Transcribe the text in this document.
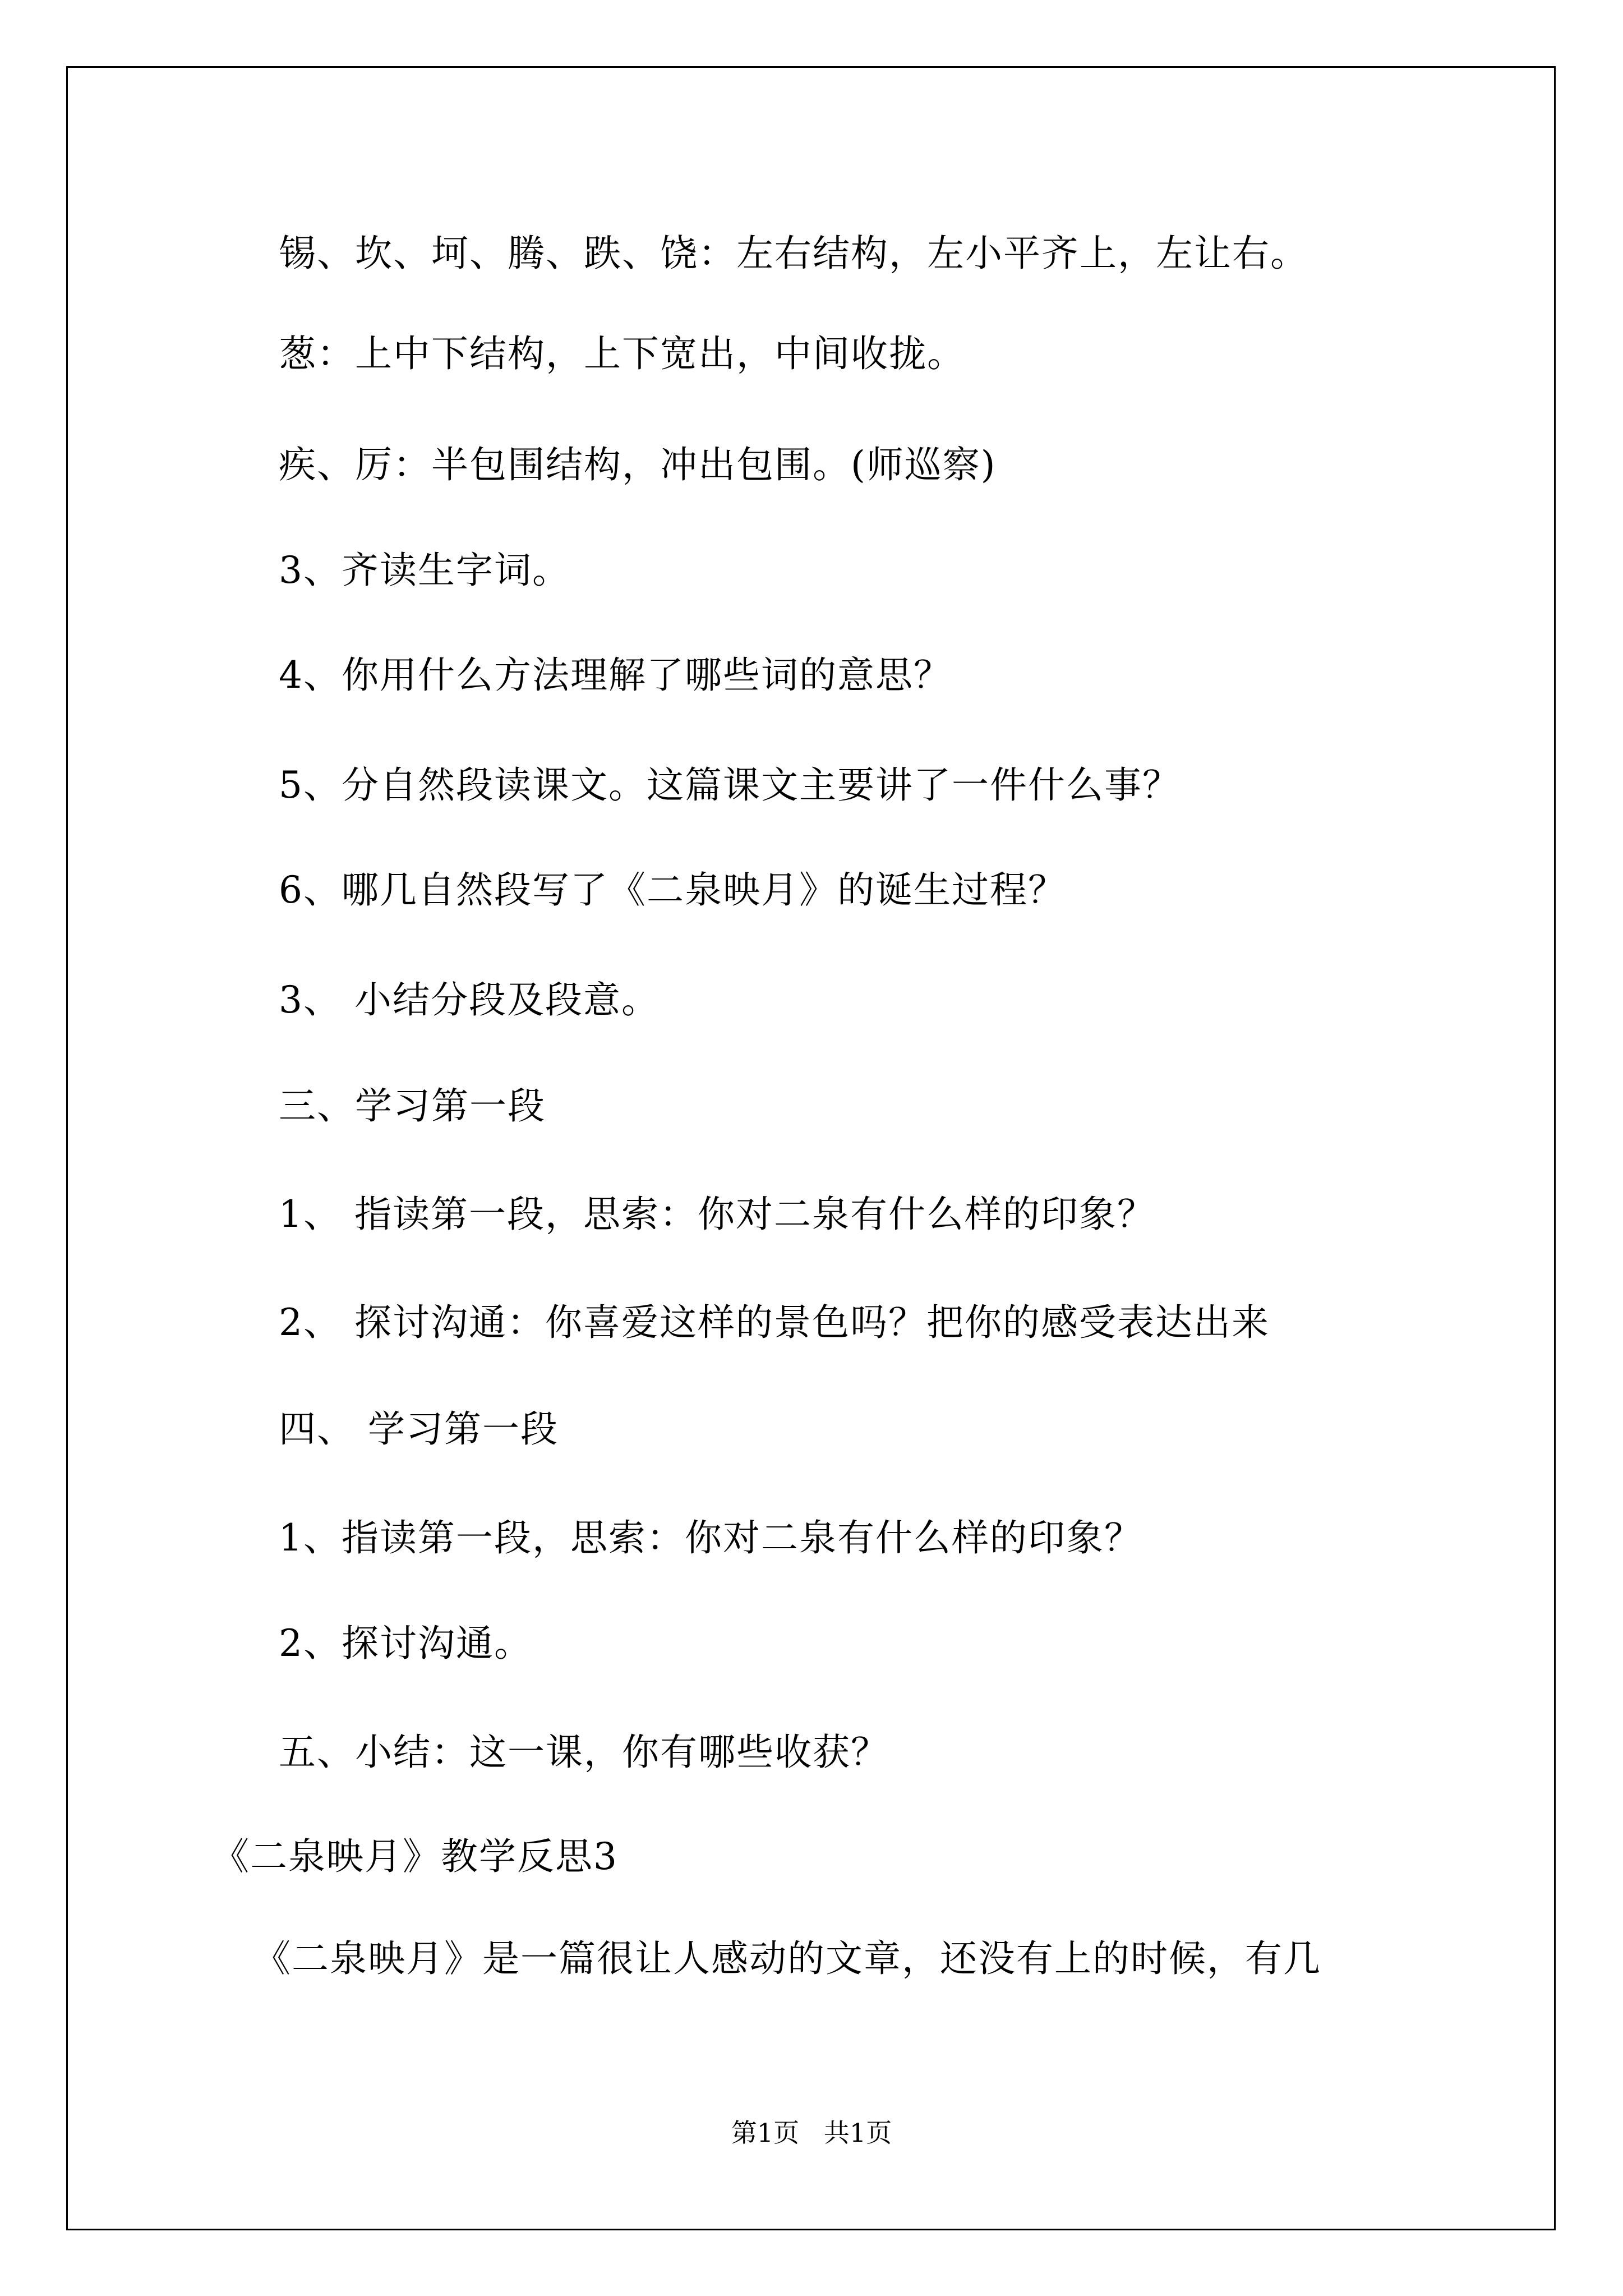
锡、坎、坷、腾、跌、饶：左右结构，左小平齐上，左让右。

葱：上中下结构，上下宽出，中间收拢。

疾、厉：半包围结构，冲出包围。(师巡察)

3、齐读生字词。

4、你用什么方法理解了哪些词的意思？

5、分自然段读课文。这篇课文主要讲了一件什么事？

6、哪几自然段写了《二泉映月》的诞生过程？

3、 小结分段及段意。

三、学习第一段

1、 指读第一段，思索：你对二泉有什么样的印象？

2、 探讨沟通：你喜爱这样的景色吗？把你的感受表达出来

四、 学习第一段

1、指读第一段，思索：你对二泉有什么样的印象？

2、探讨沟通。

五、小结：这一课，你有哪些收获？

《二泉映月》教学反思3

《二泉映月》是一篇很让人感动的文章，还没有上的时候，有几

第1页   共1页
